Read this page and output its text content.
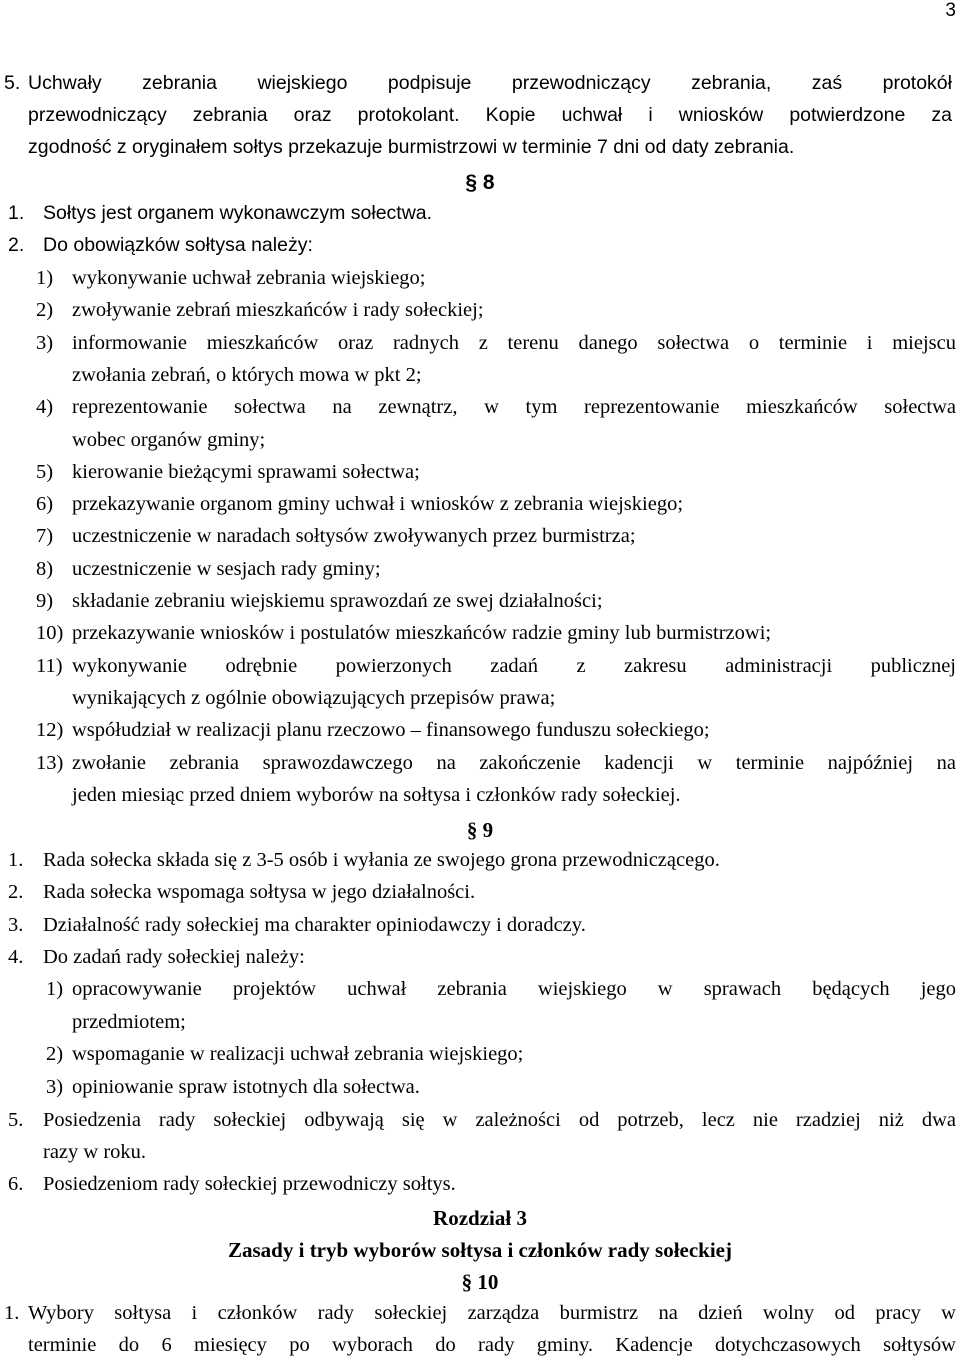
3
5. Uchwały zebrania wiejskiego podpisuje przewodniczący zebrania, zaś protokół
przewodniczący zebrania oraz protokolant. Kopie uchwał i wniosków potwierdzone za
zgodność z oryginałem sołtys przekazuje burmistrzowi w terminie 7 dni od daty zebrania.
§ 8
1. Sołtys jest organem wykonawczym sołectwa.
2. Do obowiązków sołtysa należy:
1) wykonywanie uchwał zebrania wiejskiego;
2) zwoływanie zebrań mieszkańców i rady sołeckiej;
3) informowanie mieszkańców oraz radnych z terenu danego sołectwa o terminie i miejscu
zwołania zebrań, o których mowa w pkt 2;
4) reprezentowanie sołectwa na zewnątrz, w tym reprezentowanie mieszkańców sołectwa
wobec organów gminy;
5) kierowanie bieżącymi sprawami sołectwa;
6) przekazywanie organom gminy uchwał i wniosków z zebrania wiejskiego;
7) uczestniczenie w naradach sołtysów zwoływanych przez burmistrza;
8) uczestniczenie w sesjach rady gminy;
9) składanie zebraniu wiejskiemu sprawozdań ze swej działalności;
10) przekazywanie wniosków i postulatów mieszkańców radzie gminy lub burmistrzowi;
11) wykonywanie odrębnie powierzonych zadań z zakresu administracji publicznej
wynikających z ogólnie obowiązujących przepisów prawa;
12) współudział w realizacji planu rzeczowo – finansowego funduszu sołeckiego;
13) zwołanie zebrania sprawozdawczego na zakończenie kadencji w terminie najpóźniej na
jeden miesiąc przed dniem wyborów na sołtysa i członków rady sołeckiej.
§ 9
1. Rada sołecka składa się z 3-5 osób i wyłania ze swojego grona przewodniczącego.
2. Rada sołecka wspomaga sołtysa w jego działalności.
3. Działalność rady sołeckiej ma charakter opiniodawczy i doradczy.
4. Do zadań rady sołeckiej należy:
1) opracowywanie projektów uchwał zebrania wiejskiego w sprawach będących jego
przedmiotem;
2) wspomaganie w realizacji uchwał zebrania wiejskiego;
3) opiniowanie spraw istotnych dla sołectwa.
5. Posiedzenia rady sołeckiej odbywają się w zależności od potrzeb, lecz nie rzadziej niż dwa
razy w roku.
6. Posiedzeniom rady sołeckiej przewodniczy sołtys.
Rozdział 3
Zasady i tryb wyborów sołtysa i członków rady sołeckiej
§ 10
1. Wybory sołtysa i członków rady sołeckiej zarządza burmistrz na dzień wolny od pracy w
terminie do 6 miesięcy po wyborach do rady gminy. Kadencje dotychczasowych sołtysów
